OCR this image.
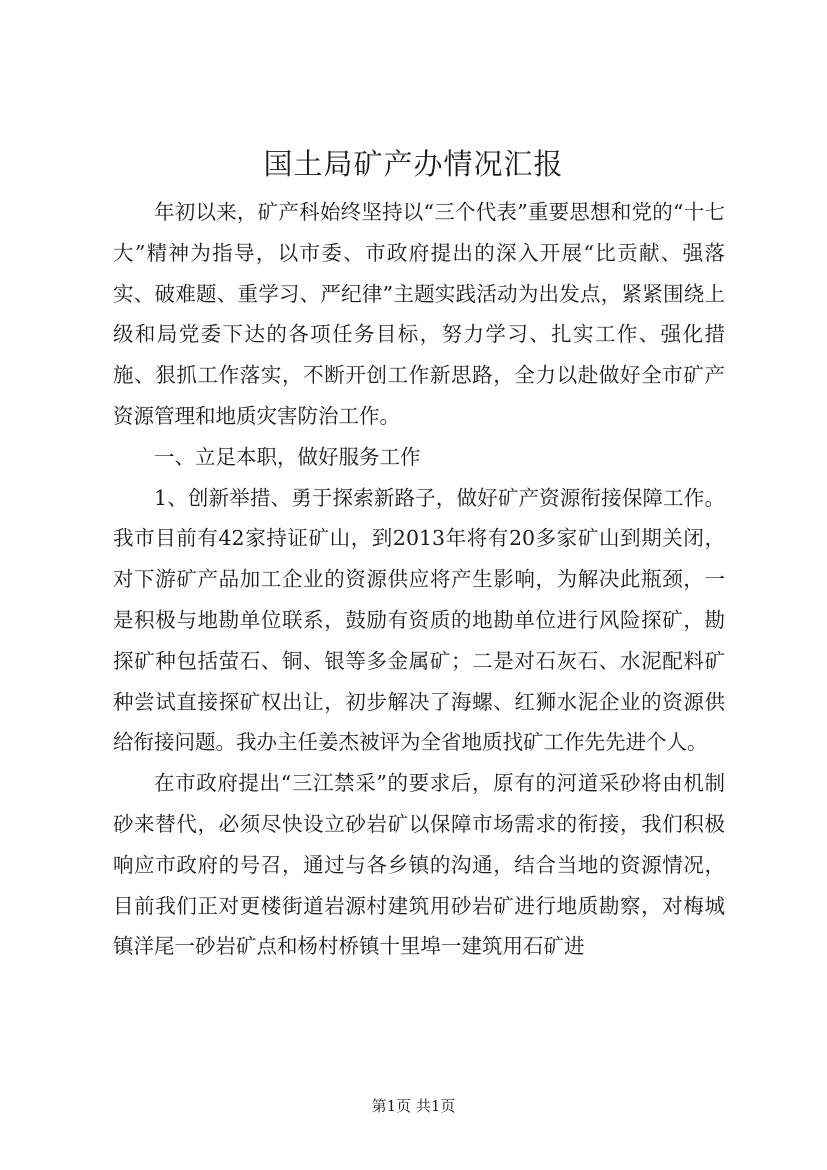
国土局矿产办情况汇报

年初以来，矿产科始终坚持以“三个代表”重要思想和党的“十七大”精神为指导，以市委、市政府提出的深入开展“比贡献、强落实、破难题、重学习、严纪律”主题实践活动为出发点，紧紧围绕上级和局党委下达的各项任务目标，努力学习、扎实工作、强化措施、狠抓工作落实，不断开创工作新思路，全力以赴做好全市矿产资源管理和地质灾害防治工作。

一、立足本职，做好服务工作

1、创新举措、勇于探索新路子，做好矿产资源衔接保障工作。我市目前有42家持证矿山，到2013年将有20多家矿山到期关闭，对下游矿产品加工企业的资源供应将产生影响，为解决此瓶颈，一是积极与地勘单位联系，鼓励有资质的地勘单位进行风险探矿，勘探矿种包括萤石、铜、银等多金属矿；二是对石灰石、水泥配料矿种尝试直接探矿权出让，初步解决了海螺、红狮水泥企业的资源供给衔接问题。我办主任姜杰被评为全省地质找矿工作先先进个人。

在市政府提出“三江禁采”的要求后，原有的河道采砂将由机制砂来替代，必须尽快设立砂岩矿以保障市场需求的衔接，我们积极响应市政府的号召，通过与各乡镇的沟通，结合当地的资源情况，目前我们正对更楼街道岩源村建筑用砂岩矿进行地质勘察，对梅城镇洋尾一砂岩矿点和杨村桥镇十里埠一建筑用石矿进

第1页 共1页
